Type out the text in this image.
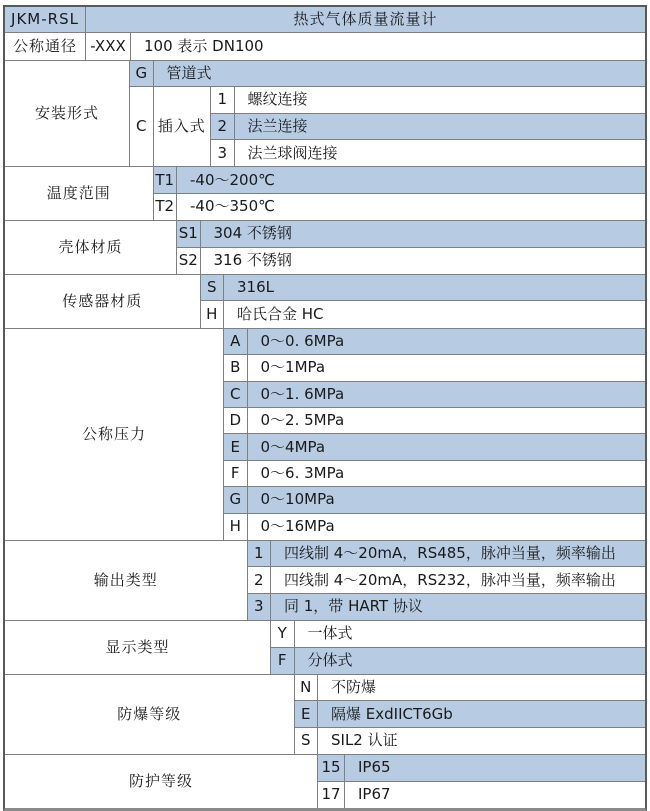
JKM-RSL	热式气体质量流量计
公称通径 -XXX	100 表示 DN100
安装形式
G	管道式
C 插入式
1	螺纹连接
2	法兰连接
3	法兰球阀连接
温度范围
T1	-40～200℃
T2	-40～350℃
壳体材质
S1	304 不锈钢
S2	316 不锈钢
传感器材质
S	316L
H	哈氏合金 HC
公称压力
A	0～0. 6MPa
B	0～1MPa
C	0～1. 6MPa
D	0～2. 5MPa
E	0～4MPa
F	0～6. 3MPa
G	0～10MPa
H	0～16MPa
输出类型
1	四线制 4～20mA，RS485，脉冲当量，频率输出
2	四线制 4～20mA，RS232，脉冲当量，频率输出
3	同 1，带 HART 协议
显示类型
Y	一体式
F	分体式
防爆等级
N	不防爆
E	隔爆 ExdIICT6Gb
S	SIL2 认证
防护等级
15	IP65
17	IP67
